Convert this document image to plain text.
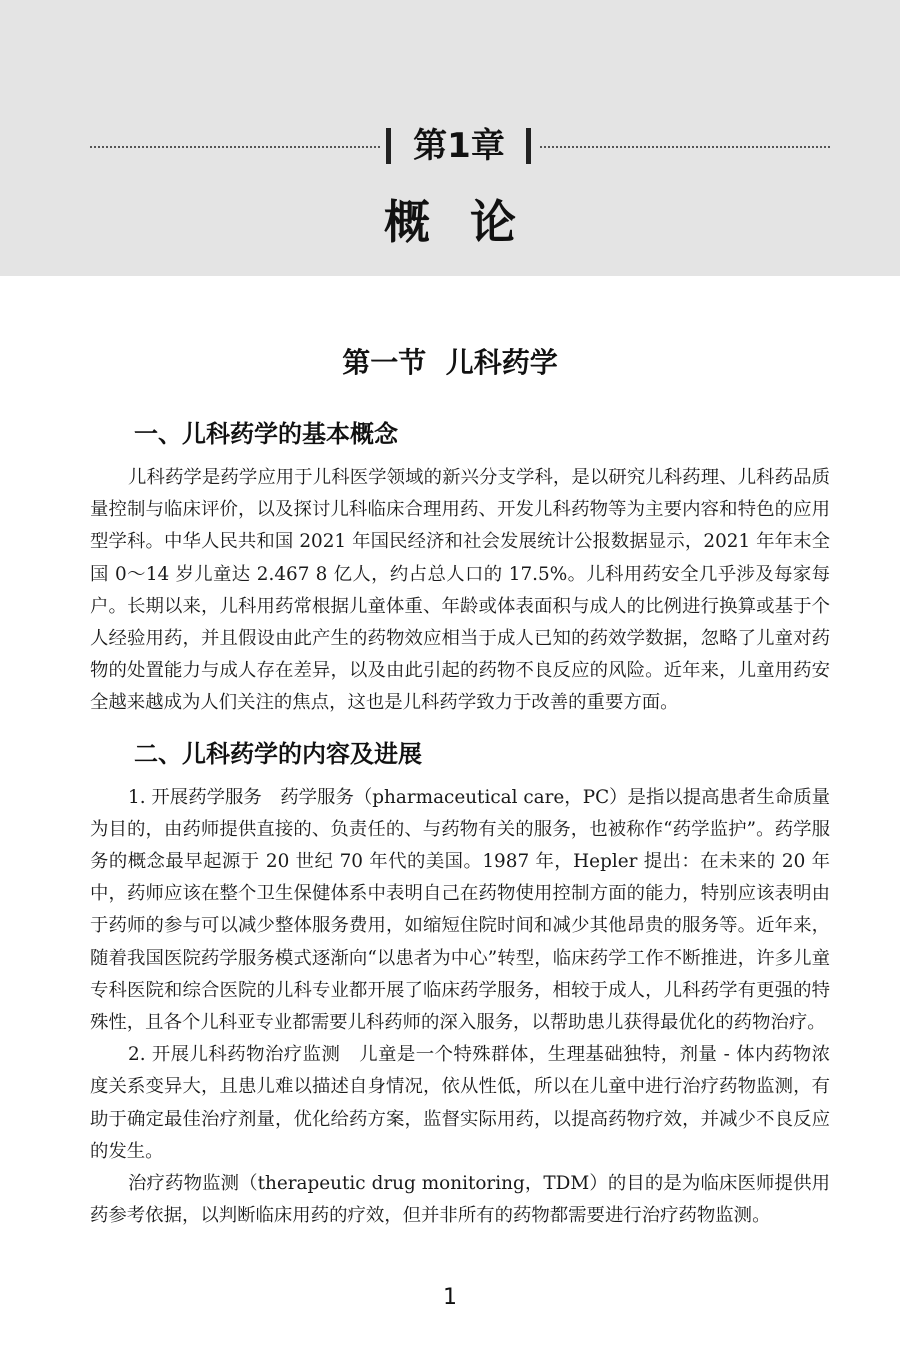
第1章
概论
第一节  儿科药学
一、儿科药学的基本概念

儿科药学是药学应用于儿科医学领域的新兴分支学科，是以研究儿科药理、儿科药品质量控制与临床评价，以及探讨儿科临床合理用药、开发儿科药物等为主要内容和特色的应用型学科。中华人民共和国 2021 年国民经济和社会发展统计公报数据显示，2021 年年末全国 0～14 岁儿童达 2.467 8 亿人，约占总人口的 17.5%。儿科用药安全几乎涉及每家每户。长期以来，儿科用药常根据儿童体重、年龄或体表面积与成人的比例进行换算或基于个人经验用药，并且假设由此产生的药物效应相当于成人已知的药效学数据，忽略了儿童对药物的处置能力与成人存在差异，以及由此引起的药物不良反应的风险。近年来，儿童用药安全越来越成为人们关注的焦点，这也是儿科药学致力于改善的重要方面。

二、儿科药学的内容及进展

1. 开展药学服务　药学服务（pharmaceutical care，PC）是指以提高患者生命质量为目的，由药师提供直接的、负责任的、与药物有关的服务，也被称作“药学监护”。药学服务的概念最早起源于 20 世纪 70 年代的美国。1987 年，Hepler 提出：在未来的 20 年中，药师应该在整个卫生保健体系中表明自己在药物使用控制方面的能力，特别应该表明由于药师的参与可以减少整体服务费用，如缩短住院时间和减少其他昂贵的服务等。近年来，随着我国医院药学服务模式逐渐向“以患者为中心”转型，临床药学工作不断推进，许多儿童专科医院和综合医院的儿科专业都开展了临床药学服务，相较于成人，儿科药学有更强的特殊性，且各个儿科亚专业都需要儿科药师的深入服务，以帮助患儿获得最优化的药物治疗。

2. 开展儿科药物治疗监测　儿童是一个特殊群体，生理基础独特，剂量 - 体内药物浓度关系变异大，且患儿难以描述自身情况，依从性低，所以在儿童中进行治疗药物监测，有助于确定最佳治疗剂量，优化给药方案，监督实际用药，以提高药物疗效，并减少不良反应的发生。

治疗药物监测（therapeutic drug monitoring，TDM）的目的是为临床医师提供用药参考依据，以判断临床用药的疗效，但并非所有的药物都需要进行治疗药物监测。

1
